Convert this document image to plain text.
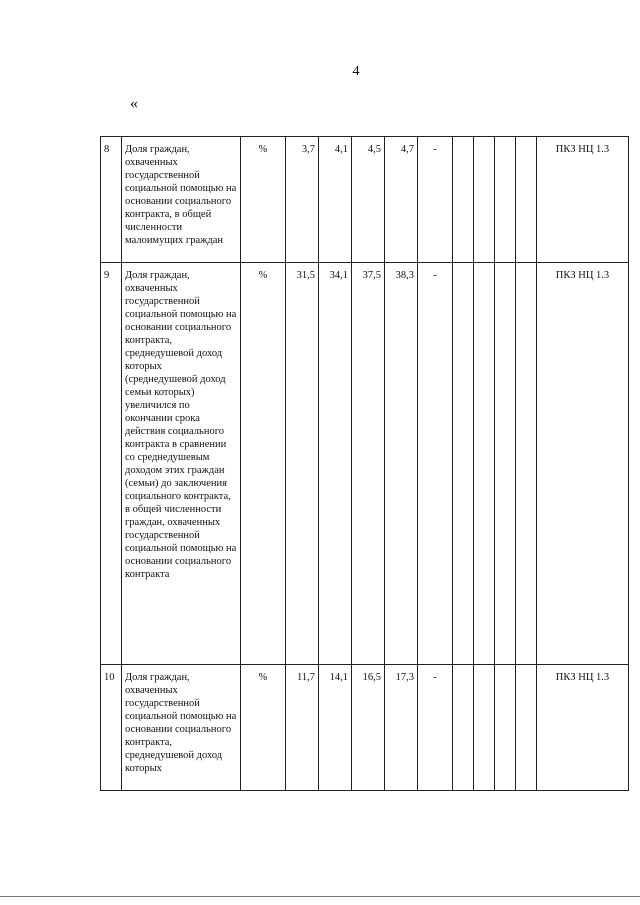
4
«
8	Доля граждан, охваченных государственной социальной помощью на основании социального контракта, в общей численности малоимущих граждан	%	3,7	4,1	4,5	4,7	-					ПКЗ НЦ 1.3
9	Доля граждан, охваченных государственной социальной помощью на основании социального контракта, среднедушевой доход которых (среднедушевой доход семьи которых) увеличился по окончании срока действия социального контракта в сравнении со среднедушевым доходом этих граждан (семьи) до заключения социального контракта, в общей численности граждан, охваченных государственной социальной помощью на основании социального контракта	%	31,5	34,1	37,5	38,3	-					ПКЗ НЦ 1.3
10	Доля граждан, охваченных государственной социальной помощью на основании социального контракта, среднедушевой доход которых	%	11,7	14,1	16,5	17,3	-					ПКЗ НЦ 1.3
